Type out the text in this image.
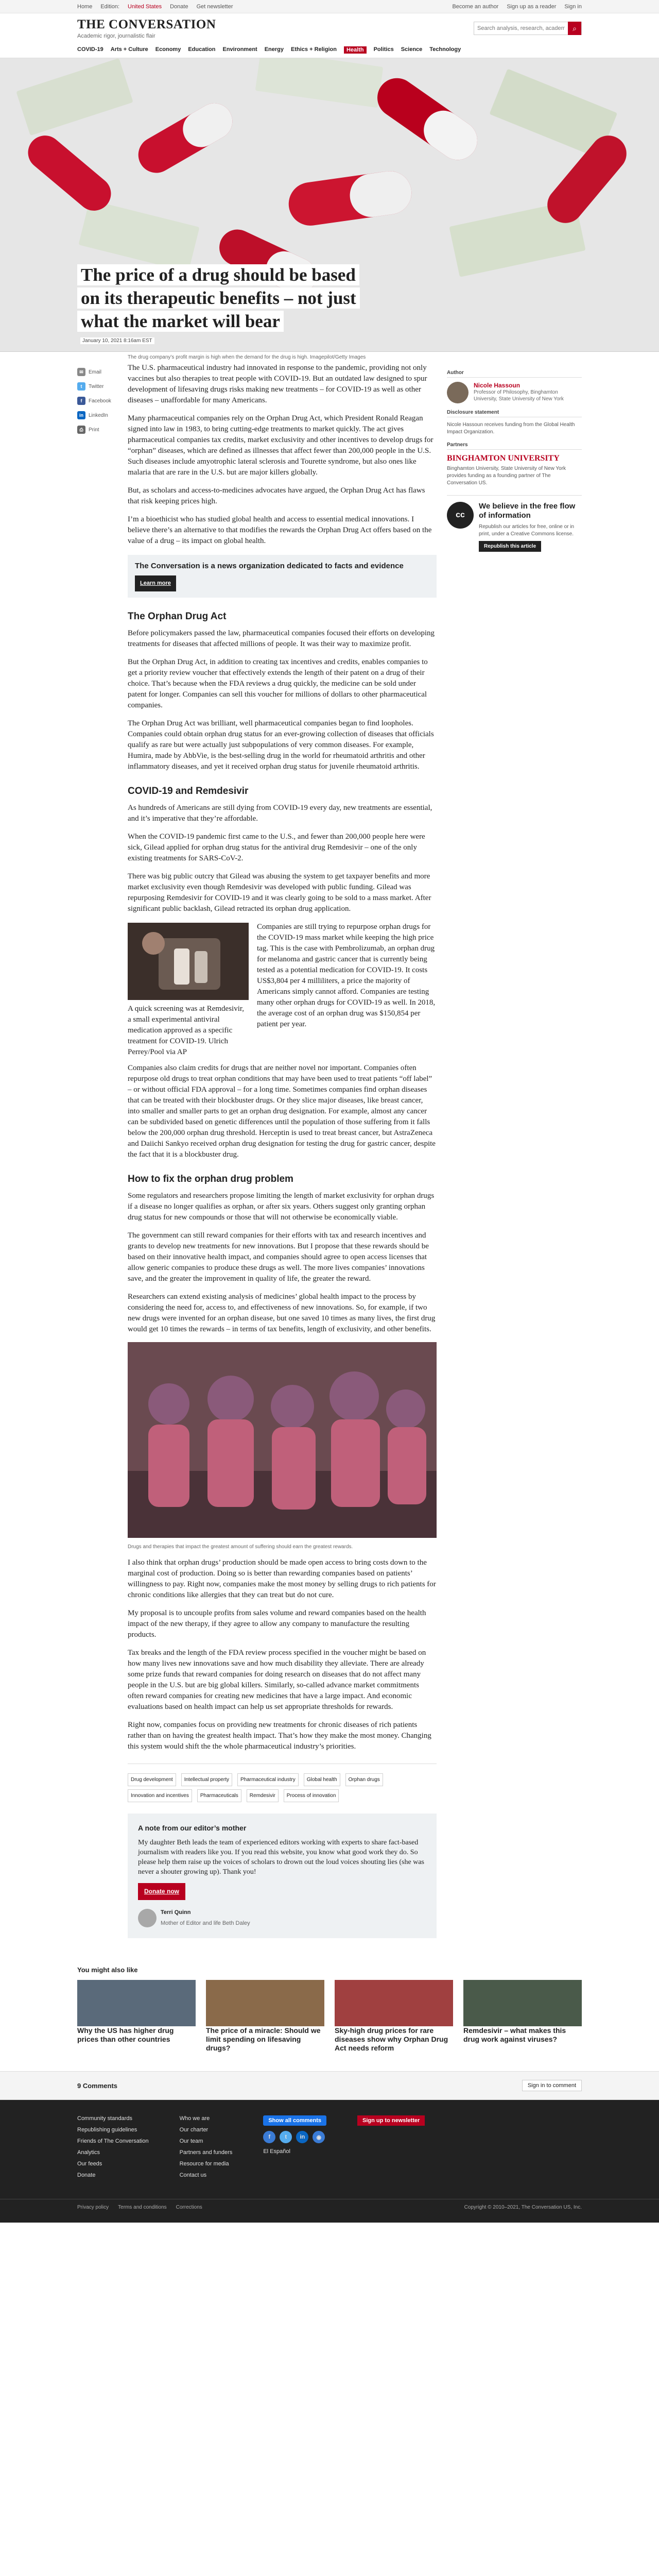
Home Edition: United States Donate Get newsletter	Become an author Sign up as a reader Sign in
THE CONVERSATION
Academic rigor, journalistic flair
Search analysis, research, academics...
⌕
COVID-19 Arts + Culture Economy Education Environment Energy Ethics + Religion	Health	Politics Science Technology
The price of a drug should be based on its therapeutic benefits – not just what the market will bear
January 10, 2021 8:16am EST
The drug company’s profit margin is high when the demand for the drug is high. Imagepilot/Getty Images
✉	Email
t	Twitter
f	Facebook
in	LinkedIn
⎙	Print

The U.S. pharmaceutical industry had innovated in response to the pandemic, providing not only vaccines but also therapies to treat people with COVID-19. But an outdated law designed to spur development of lifesaving drugs risks making new treatments – for COVID-19 as well as other diseases – unaffordable for many Americans.

Many pharmaceutical companies rely on the Orphan Drug Act, which President Ronald Reagan signed into law in 1983, to bring cutting-edge treatments to market quickly. The act gives pharmaceutical companies tax credits, market exclusivity and other incentives to develop drugs for “orphan” diseases, which are defined as illnesses that affect fewer than 200,000 people in the U.S. Such diseases include amyotrophic lateral sclerosis and Tourette syndrome, but also ones like malaria that are rare in the U.S. but are major killers globally.

But, as scholars and access-to-medicines advocates have argued, the Orphan Drug Act has flaws that risk keeping prices high.

I’m a bioethicist who has studied global health and access to essential medical innovations. I believe there’s an alternative to that modifies the rewards the Orphan Drug Act offers based on the value of a drug – its impact on global health.

The Conversation is a news organization dedicated to facts and evidence
Learn more
The Orphan Drug Act

Before policymakers passed the law, pharmaceutical companies focused their efforts on developing treatments for diseases that affected millions of people. It was their way to maximize profit.

But the Orphan Drug Act, in addition to creating tax incentives and credits, enables companies to get a priority review voucher that effectively extends the length of their patent on a drug of their choice. That’s because when the FDA reviews a drug quickly, the medicine can be sold under patent for longer. Companies can sell this voucher for millions of dollars to other pharmaceutical companies.

The Orphan Drug Act was brilliant, well pharmaceutical companies began to find loopholes. Companies could obtain orphan drug status for an ever-growing collection of diseases that officials qualify as rare but were actually just subpopulations of very common diseases. For example, Humira, made by AbbVie, is the best-selling drug in the world for rheumatoid arthritis and other inflammatory diseases, and yet it received orphan drug status for juvenile rheumatoid arthritis.

COVID-19 and Remdesivir

As hundreds of Americans are still dying from COVID-19 every day, new treatments are essential, and it’s imperative that they’re affordable.

When the COVID-19 pandemic first came to the U.S., and fewer than 200,000 people here were sick, Gilead applied for orphan drug status for the antiviral drug Remdesivir – one of the only existing treatments for SARS-CoV-2.

There was big public outcry that Gilead was abusing the system to get taxpayer benefits and more market exclusivity even though Remdesivir was developed with public funding. Gilead was repurposing Remdesivir for COVID-19 and it was clearly going to be sold to a mass market. After significant public backlash, Gilead retracted its orphan drug application.

A quick screening was at Remdesivir, a small experimental antiviral medication approved as a specific treatment for COVID-19. Ulrich Perrey/Pool via AP

Companies are still trying to repurpose orphan drugs for the COVID-19 mass market while keeping the high price tag. This is the case with Pembrolizumab, an orphan drug for melanoma and gastric cancer that is currently being tested as a potential medication for COVID-19. It costs US$3,804 per 4 milliliters, a price the majority of Americans simply cannot afford. Companies are testing many other orphan drugs for COVID-19 as well. In 2018, the average cost of an orphan drug was $150,854 per patient per year.

Companies also claim credits for drugs that are neither novel nor important. Companies often repurpose old drugs to treat orphan conditions that may have been used to treat patients “off label” – or without official FDA approval – for a long time. Sometimes companies find orphan diseases that can be treated with their blockbuster drugs. Or they slice major diseases, like breast cancer, into smaller and smaller parts to get an orphan drug designation. For example, almost any cancer can be subdivided based on genetic differences until the population of those suffering from it falls below the 200,000 orphan drug threshold. Herceptin is used to treat breast cancer, but AstraZeneca and Daiichi Sankyo received orphan drug designation for testing the drug for gastric cancer, despite the fact that it is a blockbuster drug.

How to fix the orphan drug problem

Some regulators and researchers propose limiting the length of market exclusivity for orphan drugs if a disease no longer qualifies as orphan, or after six years. Others suggest only granting orphan drug status for new compounds or those that will not otherwise be economically viable.

The government can still reward companies for their efforts with tax and research incentives and grants to develop new treatments for new innovations. But I propose that these rewards should be based on their innovative health impact, and companies should agree to open access licenses that allow generic companies to produce these drugs as well. The more lives companies’ innovations save, and the greater the improvement in quality of life, the greater the reward.

Researchers can extend existing analysis of medicines’ global health impact to the process by considering the need for, access to, and effectiveness of new innovations. So, for example, if two new drugs were invented for an orphan disease, but one saved 10 times as many lives, the first drug would get 10 times the rewards – in terms of tax benefits, length of exclusivity, and other benefits.

Drugs and therapies that impact the greatest amount of suffering should earn the greatest rewards.

I also think that orphan drugs’ production should be made open access to bring costs down to the marginal cost of production. Doing so is better than rewarding companies based on patients’ willingness to pay. Right now, companies make the most money by selling drugs to rich patients for chronic conditions like allergies that they can treat but do not cure.

My proposal is to uncouple profits from sales volume and reward companies based on the health impact of the new therapy, if they agree to allow any company to manufacture the resulting products.

Tax breaks and the length of the FDA review process specified in the voucher might be based on how many lives new innovations save and how much disability they alleviate. There are already some prize funds that reward companies for doing research on diseases that do not affect many people in the U.S. but are big global killers. Similarly, so-called advance market commitments often reward companies for creating new medicines that have a large impact. And economic evaluations based on health impact can help us set appropriate thresholds for rewards.

Right now, companies focus on providing new treatments for chronic diseases of rich patients rather than on having the greatest health impact. That’s how they make the most money. Changing this system would shift the the whole pharmaceutical industry’s priorities.

Drug development	Intellectual property	Pharmaceutical industry	Global health	Orphan drugs
Innovation and incentives	Pharmaceuticals	Remdesivir	Process of innovation
A note from our editor’s mother
My daughter Beth leads the team of experienced editors working with experts to share fact-based journalism with readers like you. If you read this website, you know what good work they do. So please help them raise up the voices of scholars to drown out the loud voices shouting lies (she was never a shouter growing up). Thank you!
Donate now
Terri Quinn
Mother of Editor and life Beth Daley
Author
Nicole Hassoun
Professor of Philosophy, Binghamton University, State University of New York
Disclosure statement
Nicole Hassoun receives funding from the Global Health Impact Organization.
Partners
BINGHAMTON UNIVERSITY
Binghamton University, State University of New York provides funding as a founding partner of The Conversation US.
cc
We believe in the free flow of information
Republish our articles for free, online or in print, under a Creative Commons license.
Republish this article
You might also like
Why the US has higher drug prices than other countries
The price of a miracle: Should we limit spending on lifesaving drugs?
Sky-high drug prices for rare diseases show why Orphan Drug Act needs reform
Remdesivir – what makes this drug work against viruses?
9 Comments	Sign in to comment
Community standards
Republishing guidelines
Friends of The Conversation
Analytics
Our feeds
Donate
Who we are
Our charter
Our team
Partners and funders
Resource for media
Contact us
Show all comments
f	t	in	◉
El Español
Sign up to newsletter
Privacy policy Terms and conditions Corrections	Copyright © 2010–2021, The Conversation US, Inc.
